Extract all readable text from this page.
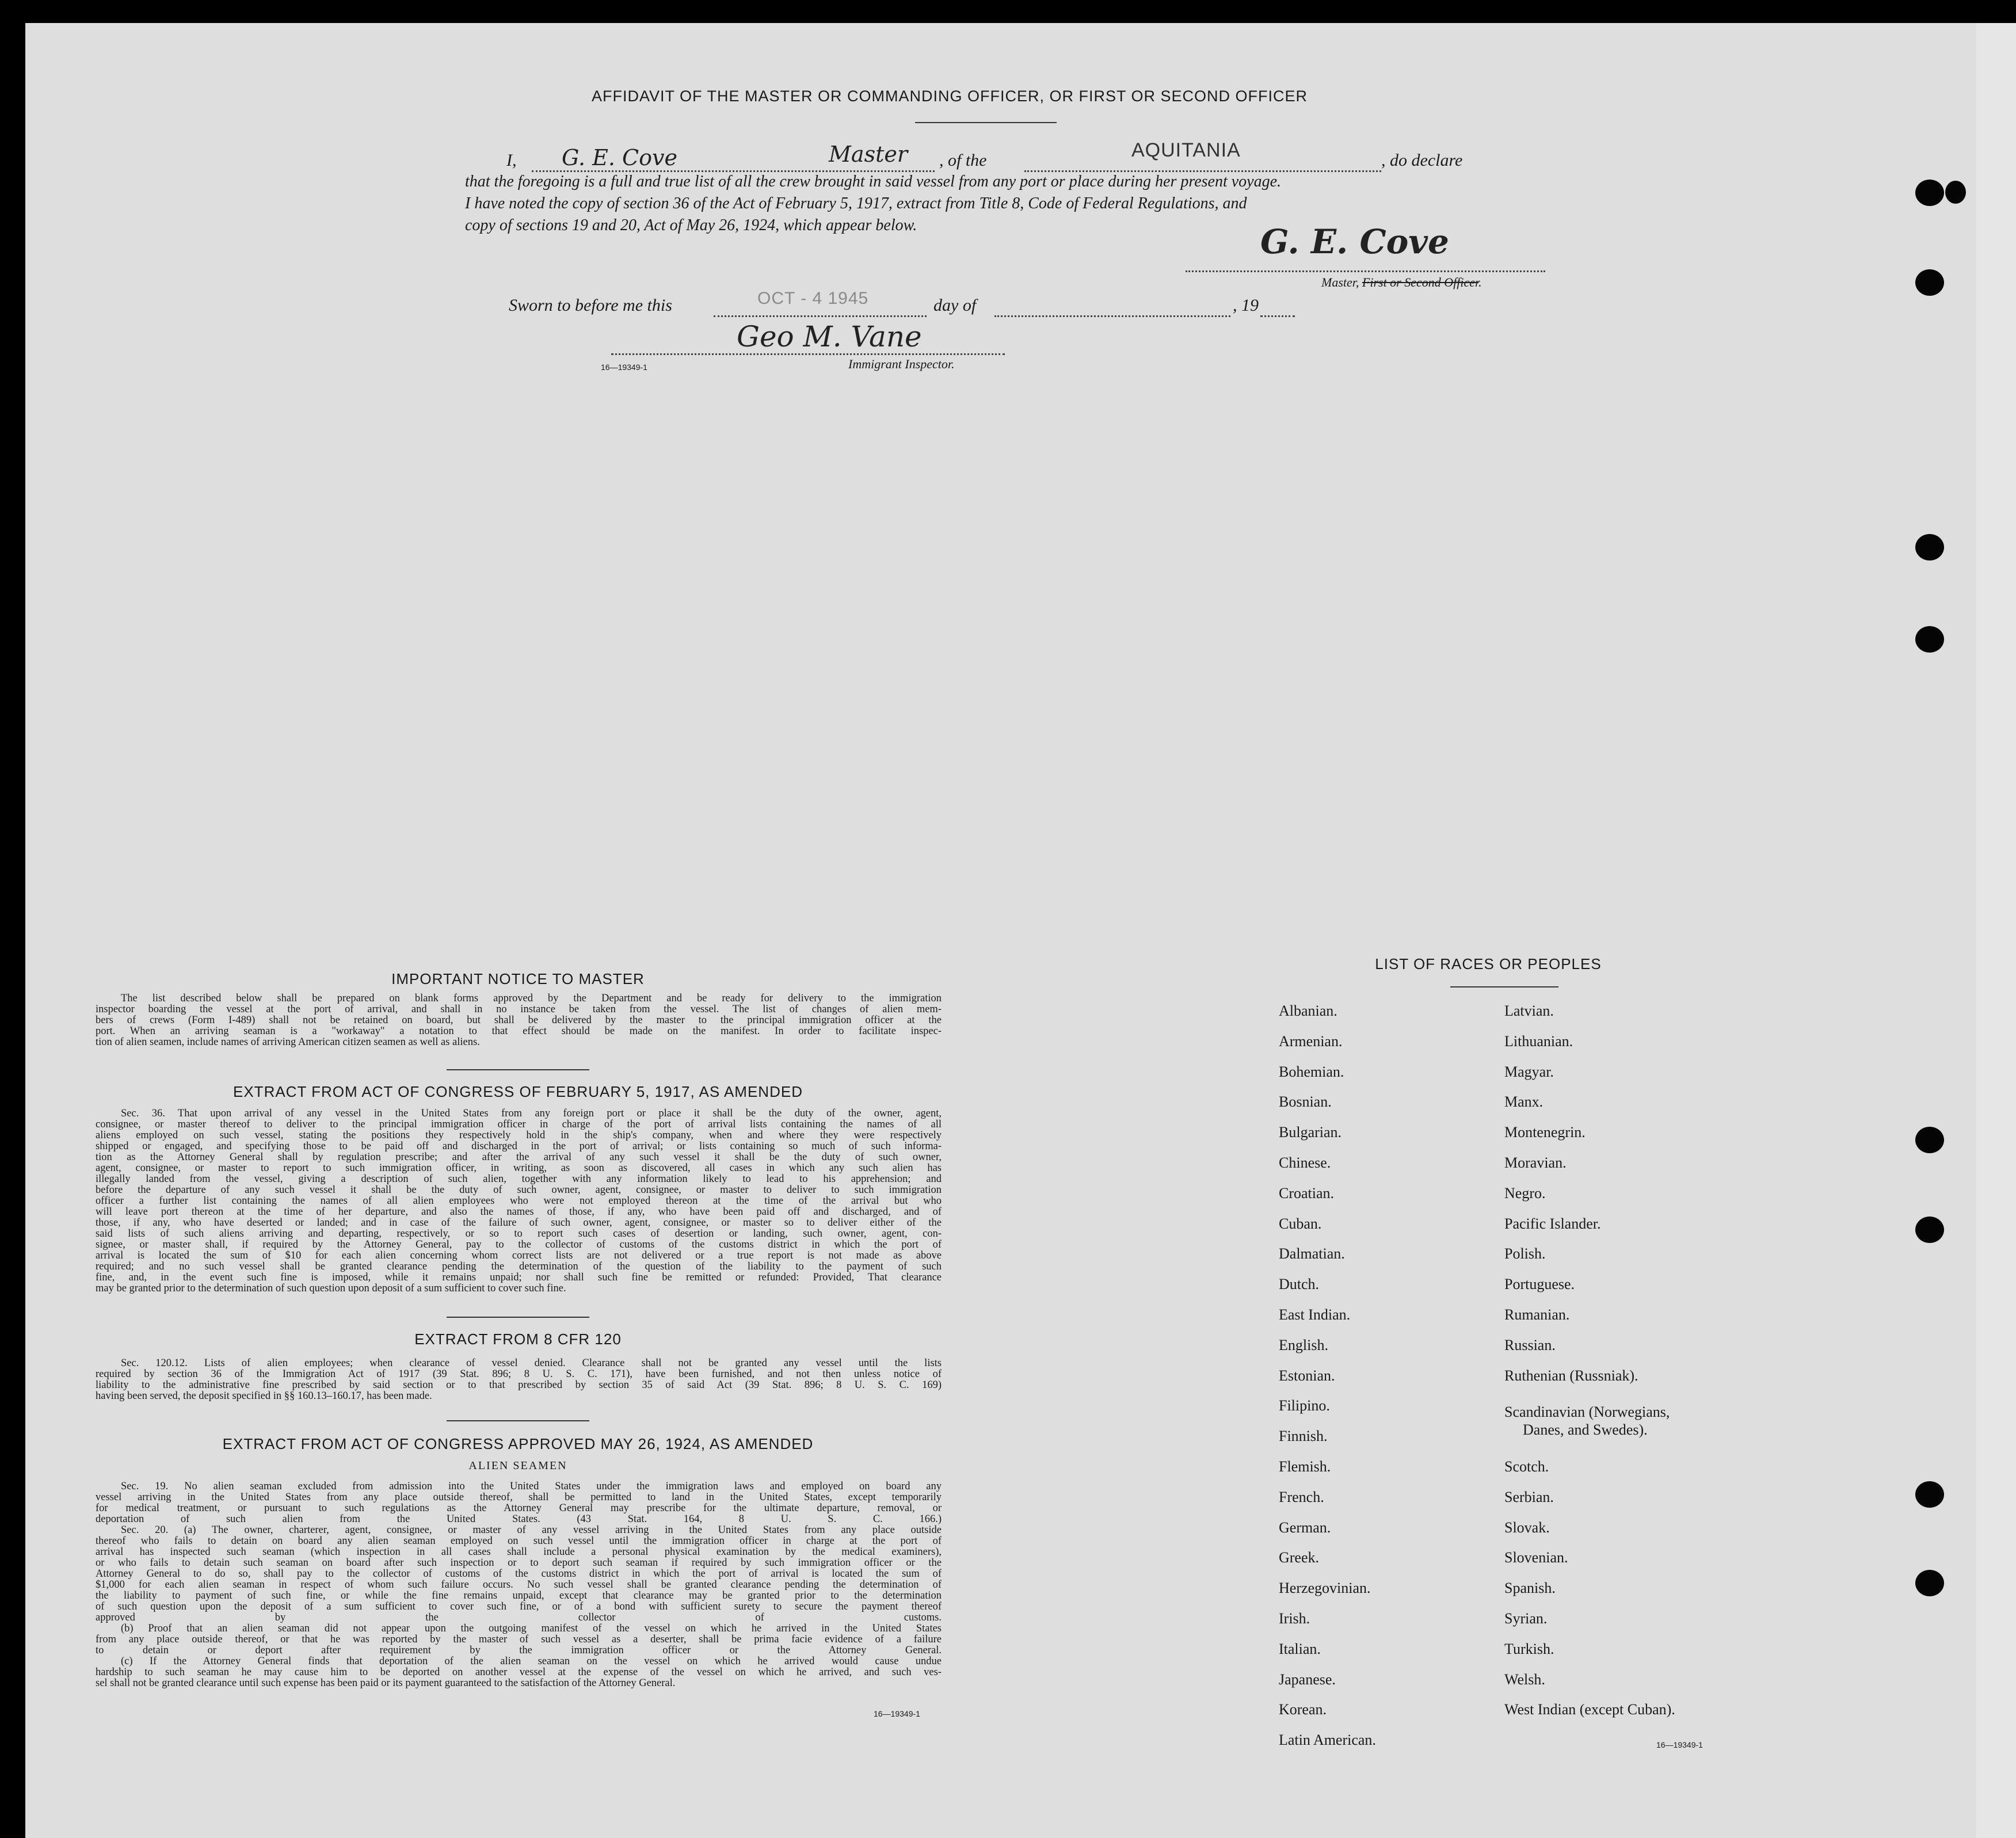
AFFIDAVIT OF THE MASTER OR COMMANDING OFFICER, OR FIRST OR SECOND OFFICER
I, G. E. Cove	Master , of the	AQUITANIA	, do declare
that the foregoing is a full and true list of all the crew brought in said vessel from any port or place during her present voyage.
I have noted the copy of section 36 of the Act of February 5, 1917, extract from Title 8, Code of Federal Regulations, and
copy of sections 19 and 20, Act of May 26, 1924, which appear below.	G. E. Cove
Master, First or Second Officer.
Sworn to before me this	OCT - 4 1945	day of	, 19
Geo M. Vane
16—19349-1	Immigrant Inspector.
IMPORTANT NOTICE TO MASTER
The list described below shall be prepared on blank forms approved by the Department and be ready for delivery to the immigration
inspector boarding the vessel at the port of arrival, and shall in no instance be taken from the vessel. The list of changes of alien mem-
bers of crews (Form I-489) shall not be retained on board, but shall be delivered by the master to the principal immigration officer at the
port. When an arriving seaman is a "workaway" a notation to that effect should be made on the manifest. In order to facilitate inspec-
tion of alien seamen, include names of arriving American citizen seamen as well as aliens.
EXTRACT FROM ACT OF CONGRESS OF FEBRUARY 5, 1917, AS AMENDED
Sec. 36. That upon arrival of any vessel in the United States from any foreign port or place it shall be the duty of the owner, agent,
consignee, or master thereof to deliver to the principal immigration officer in charge of the port of arrival lists containing the names of all
aliens employed on such vessel, stating the positions they respectively hold in the ship's company, when and where they were respectively
shipped or engaged, and specifying those to be paid off and discharged in the port of arrival; or lists containing so much of such informa-
tion as the Attorney General shall by regulation prescribe; and after the arrival of any such vessel it shall be the duty of such owner,
agent, consignee, or master to report to such immigration officer, in writing, as soon as discovered, all cases in which any such alien has
illegally landed from the vessel, giving a description of such alien, together with any information likely to lead to his apprehension; and
before the departure of any such vessel it shall be the duty of such owner, agent, consignee, or master to deliver to such immigration
officer a further list containing the names of all alien employees who were not employed thereon at the time of the arrival but who
will leave port thereon at the time of her departure, and also the names of those, if any, who have been paid off and discharged, and of
those, if any, who have deserted or landed; and in case of the failure of such owner, agent, consignee, or master so to deliver either of the
said lists of such aliens arriving and departing, respectively, or so to report such cases of desertion or landing, such owner, agent, con-
signee, or master shall, if required by the Attorney General, pay to the collector of customs of the customs district in which the port of
arrival is located the sum of $10 for each alien concerning whom correct lists are not delivered or a true report is not made as above
required; and no such vessel shall be granted clearance pending the determination of the question of the liability to the payment of such
fine, and, in the event such fine is imposed, while it remains unpaid; nor shall such fine be remitted or refunded: Provided, That clearance
may be granted prior to the determination of such question upon deposit of a sum sufficient to cover such fine.
EXTRACT FROM 8 CFR 120
Sec. 120.12. Lists of alien employees; when clearance of vessel denied. Clearance shall not be granted any vessel until the lists
required by section 36 of the Immigration Act of 1917 (39 Stat. 896; 8 U. S. C. 171), have been furnished, and not then unless notice of
liability to the administrative fine prescribed by said section or to that prescribed by section 35 of said Act (39 Stat. 896; 8 U. S. C. 169)
having been served, the deposit specified in §§ 160.13–160.17, has been made.
EXTRACT FROM ACT OF CONGRESS APPROVED MAY 26, 1924, AS AMENDED
ALIEN SEAMEN
Sec. 19. No alien seaman excluded from admission into the United States under the immigration laws and employed on board any
vessel arriving in the United States from any place outside thereof, shall be permitted to land in the United States, except temporarily
for medical treatment, or pursuant to such regulations as the Attorney General may prescribe for the ultimate departure, removal, or
deportation of such alien from the United States. (43 Stat. 164, 8 U. S. C. 166.)
Sec. 20. (a) The owner, charterer, agent, consignee, or master of any vessel arriving in the United States from any place outside
thereof who fails to detain on board any alien seaman employed on such vessel until the immigration officer in charge at the port of
arrival has inspected such seaman (which inspection in all cases shall include a personal physical examination by the medical examiners),
or who fails to detain such seaman on board after such inspection or to deport such seaman if required by such immigration officer or the
Attorney General to do so, shall pay to the collector of customs of the customs district in which the port of arrival is located the sum of
$1,000 for each alien seaman in respect of whom such failure occurs. No such vessel shall be granted clearance pending the determination of
the liability to payment of such fine, or while the fine remains unpaid, except that clearance may be granted prior to the determination
of such question upon the deposit of a sum sufficient to cover such fine, or of a bond with sufficient surety to secure the payment thereof
approved by the collector of customs.
(b) Proof that an alien seaman did not appear upon the outgoing manifest of the vessel on which he arrived in the United States
from any place outside thereof, or that he was reported by the master of such vessel as a deserter, shall be prima facie evidence of a failure
to detain or deport after requirement by the immigration officer or the Attorney General.
(c) If the Attorney General finds that deportation of the alien seaman on the vessel on which he arrived would cause undue
hardship to such seaman he may cause him to be deported on another vessel at the expense of the vessel on which he arrived, and such ves-
sel shall not be granted clearance until such expense has been paid or its payment guaranteed to the satisfaction of the Attorney General.
16—19349-1
LIST OF RACES OR PEOPLES
Albanian.
Armenian.
Bohemian.
Bosnian.
Bulgarian.
Chinese.
Croatian.
Cuban.
Dalmatian.
Dutch.
East Indian.
English.
Estonian.
Filipino.
Finnish.
Flemish.
French.
German.
Greek.
Herzegovinian.
Irish.
Italian.
Japanese.
Korean.
Latin American.
Latvian.
Lithuanian.
Magyar.
Manx.
Montenegrin.
Moravian.
Negro.
Pacific Islander.
Polish.
Portuguese.
Rumanian.
Russian.
Ruthenian (Russniak).
Scandinavian (Norwegians,
Danes, and Swedes).
Scotch.
Serbian.
Slovak.
Slovenian.
Spanish.
Syrian.
Turkish.
Welsh.
West Indian (except Cuban).
16—19349-1
